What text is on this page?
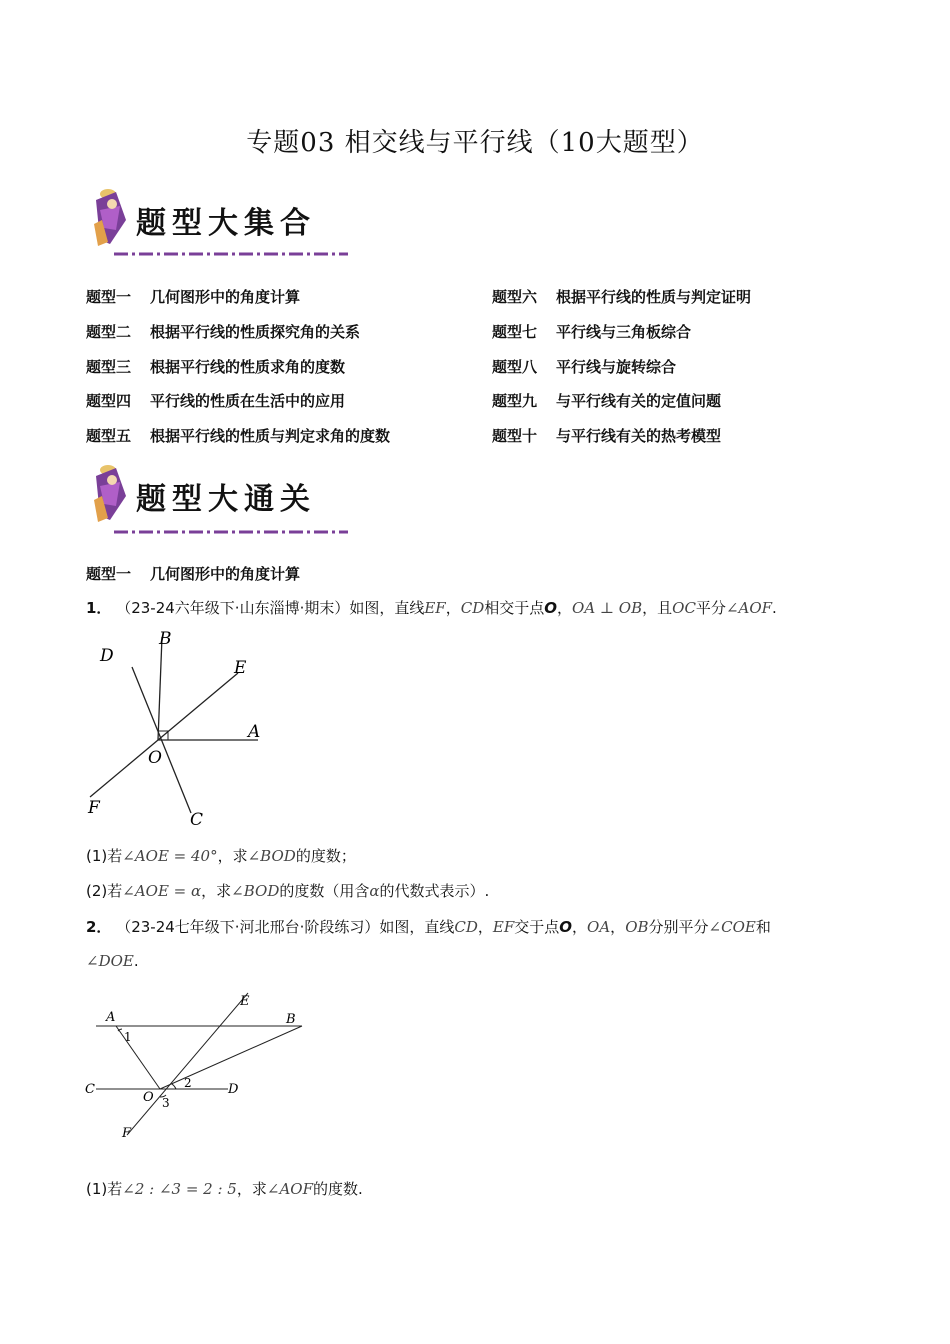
专题03 相交线与平行线（10大题型）
题型大集合
题型一 几何图形中的角度计算	题型六 根据平行线的性质与判定证明
题型二 根据平行线的性质探究角的关系	题型七 平行线与三角板综合
题型三 根据平行线的性质求角的度数	题型八 平行线与旋转综合
题型四 平行线的性质在生活中的应用	题型九 与平行线有关的定值问题
题型五 根据平行线的性质与判定求角的度数	题型十 与平行线有关的热考模型
题型大通关
题型一 几何图形中的角度计算
1． （23-24六年级下·山东淄博·期末）如图，直线EF，CD相交于点O，OA ⊥ OB，且OC平分∠AOF.
B
D
E
A
O
F
C
(1)若∠AOE = 40°，求∠BOD的度数；
(2)若∠AOE = α，求∠BOD的度数（用含α的代数式表示）.
2． （23-24七年级下·河北邢台·阶段练习）如图，直线CD，EF交于点O，OA，OB分别平分∠COE和
∠DOE.
A	B
E
C	D
O
F
1
2
3
(1)若∠2 : ∠3 = 2 : 5，求∠AOF的度数.
